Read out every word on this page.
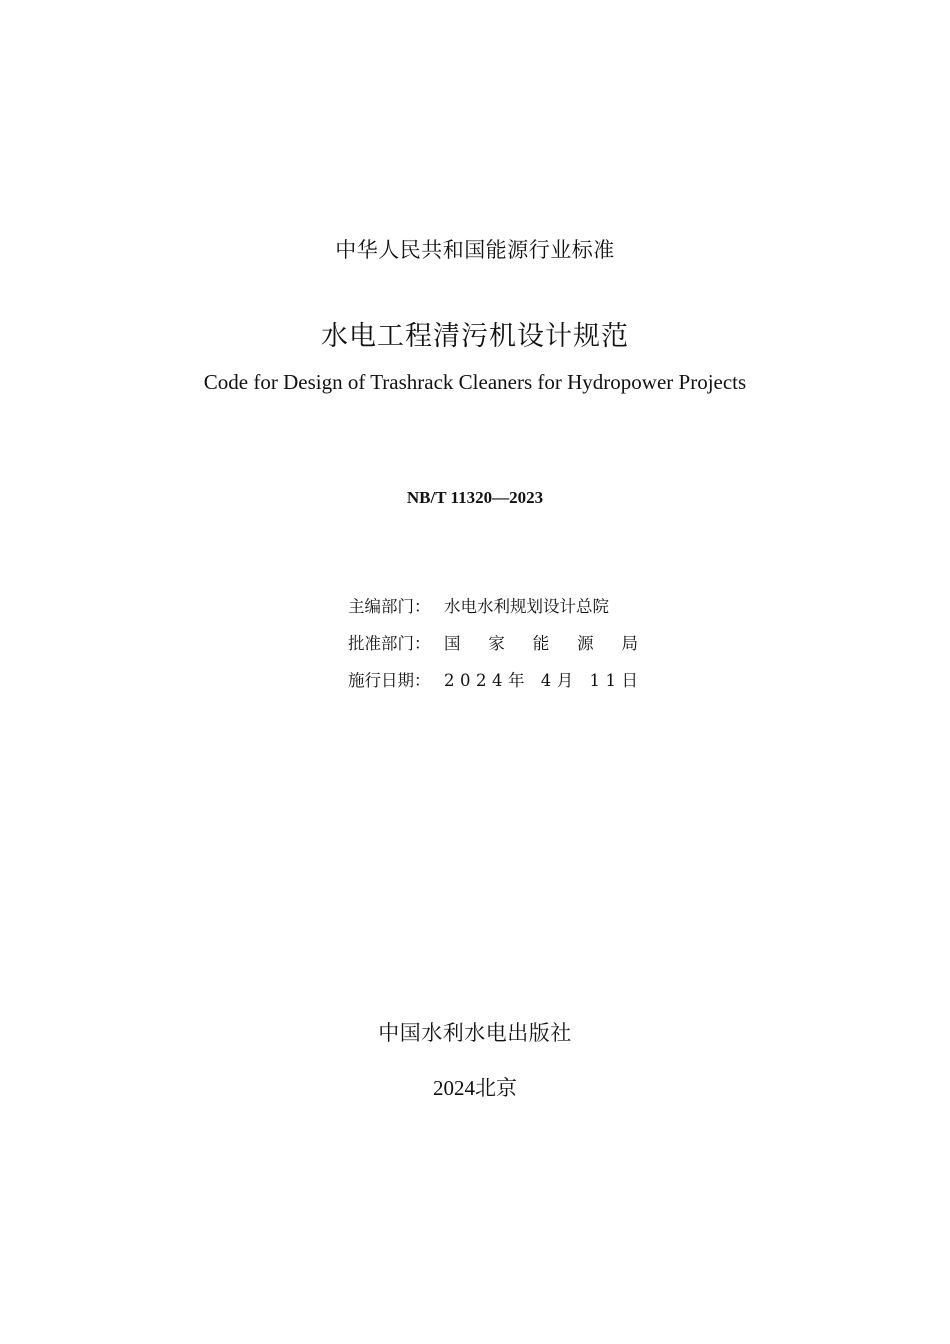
中华人民共和国能源行业标准
水电工程清污机设计规范
Code for Design of Trashrack Cleaners for Hydropower Projects
NB/T 11320—2023
主编部门： 水电水利规划设计总院
批准部门： 国 家 能 源 局
施行日期： 2024年 4月 11日
中国水利水电出版社
2024北京
